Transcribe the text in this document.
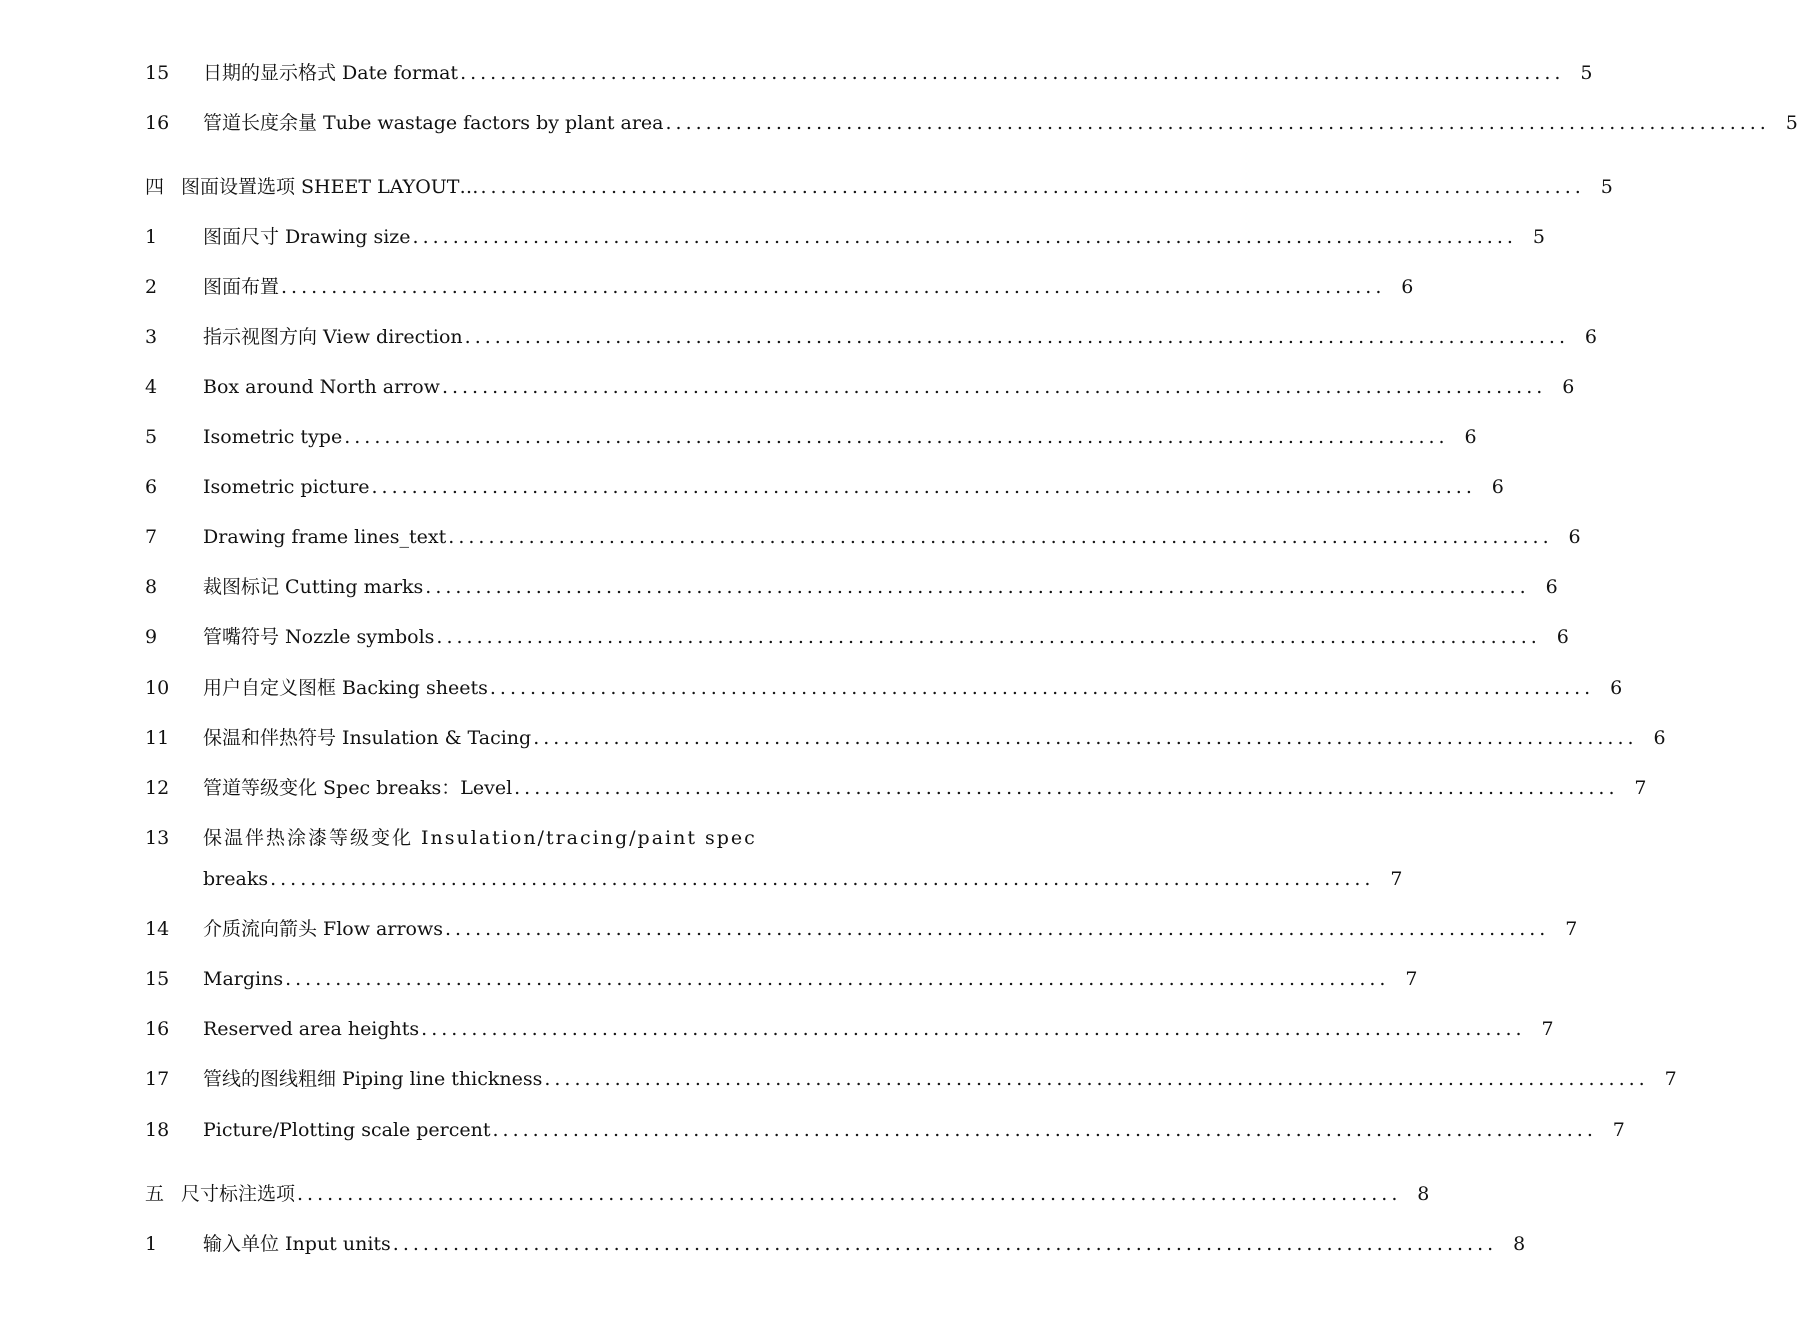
15	日期的显示格式 Date format .............................................................................................................. 5
16	管道长度余量 Tube wastage factors by plant area .............................................................................................................. 5
四 图面设置选项 SHEET LAYOUT… .............................................................................................................. 5
1	图面尺寸 Drawing size .............................................................................................................. 5
2	图面布置 .............................................................................................................. 6
3	指示视图方向 View direction .............................................................................................................. 6
4	Box around North arrow .............................................................................................................. 6
5	Isometric type .............................................................................................................. 6
6	Isometric picture .............................................................................................................. 6
7	Drawing frame lines_text .............................................................................................................. 6
8	裁图标记 Cutting marks .............................................................................................................. 6
9	管嘴符号 Nozzle symbols .............................................................................................................. 6
10	用户自定义图框 Backing sheets .............................................................................................................. 6
11	保温和伴热符号 Insulation & Tacing .............................................................................................................. 6
12	管道等级变化 Spec breaks：Level .............................................................................................................. 7
13	保温伴热涂漆等级变化 Insulation/tracing/paint spec
breaks .............................................................................................................. 7
14	介质流向箭头 Flow arrows .............................................................................................................. 7
15	Margins .............................................................................................................. 7
16	Reserved area heights .............................................................................................................. 7
17	管线的图线粗细 Piping line thickness .............................................................................................................. 7
18	Picture/Plotting scale percent .............................................................................................................. 7
五 尺寸标注选项 .............................................................................................................. 8
1	输入单位 Input units .............................................................................................................. 8
